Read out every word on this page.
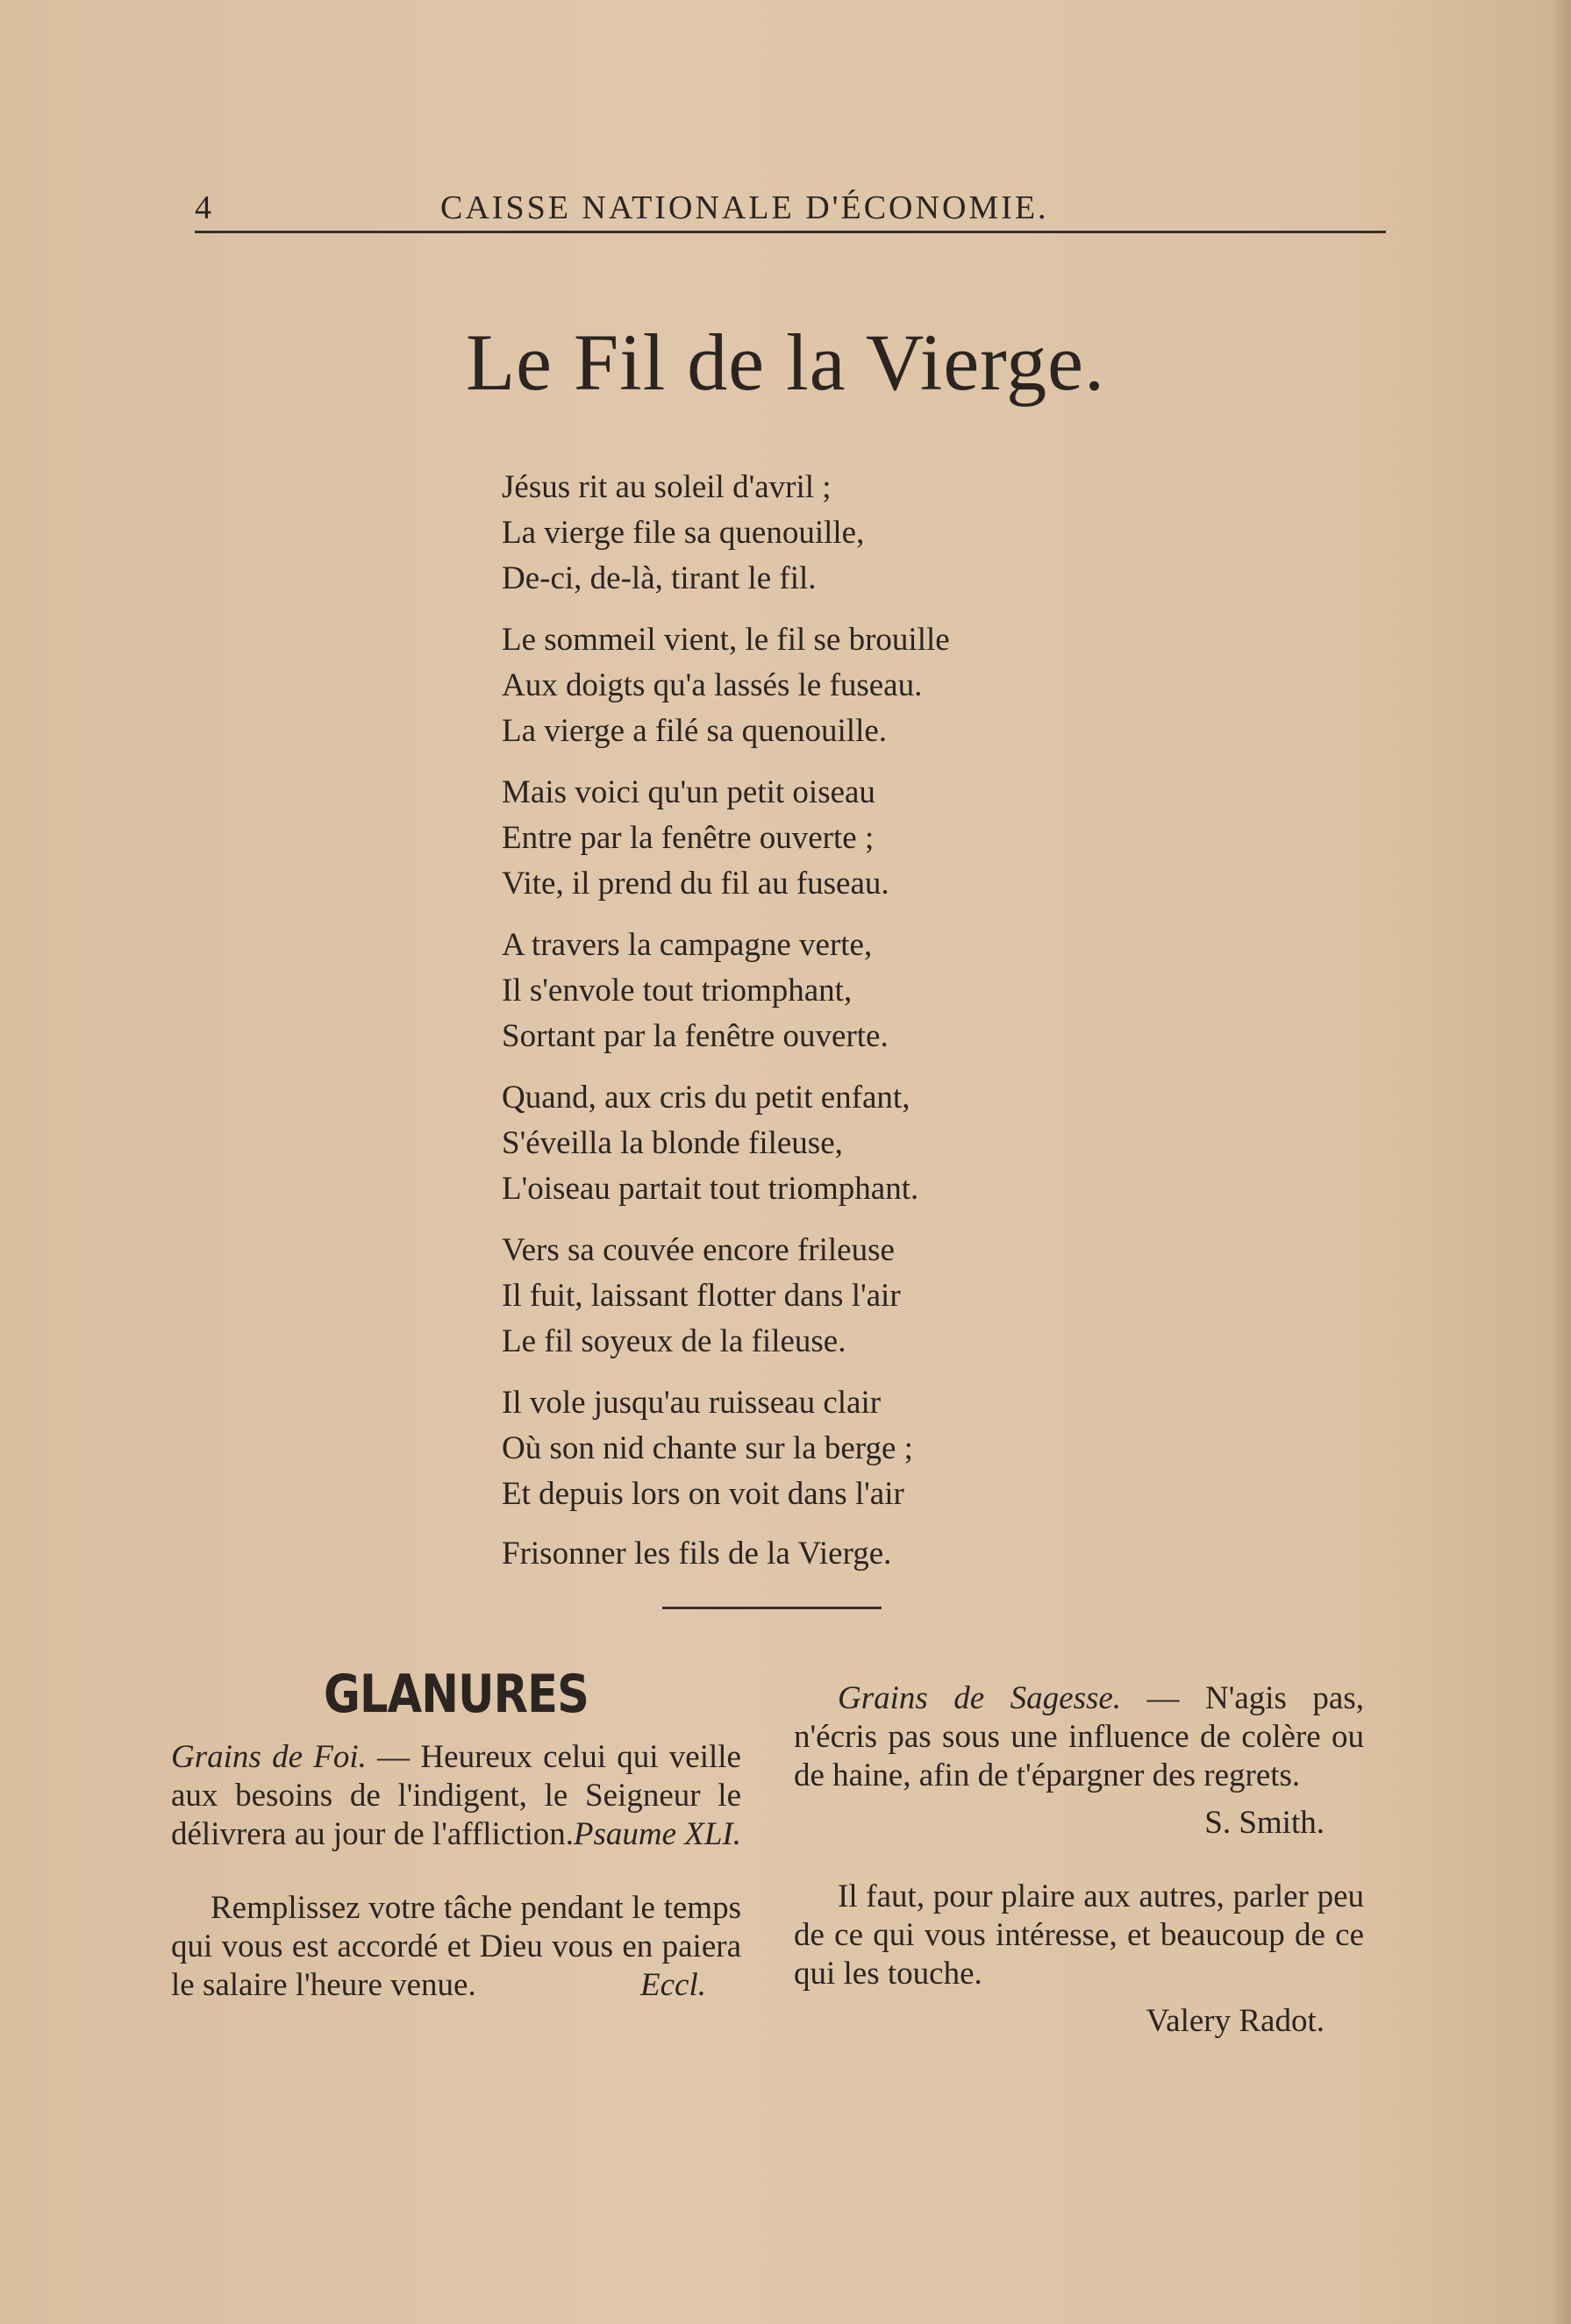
4	CAISSE NATIONALE D'ÉCONOMIE.
Le Fil de la Vierge.
Jésus rit au soleil d'avril ;
La vierge file sa quenouille,
De-ci, de-là, tirant le fil.
Le sommeil vient, le fil se brouille
Aux doigts qu'a lassés le fuseau.
La vierge a filé sa quenouille.
Mais voici qu'un petit oiseau
Entre par la fenêtre ouverte ;
Vite, il prend du fil au fuseau.
A travers la campagne verte,
Il s'envole tout triomphant,
Sortant par la fenêtre ouverte.
Quand, aux cris du petit enfant,
S'éveilla la blonde fileuse,
L'oiseau partait tout triomphant.
Vers sa couvée encore frileuse
Il fuit, laissant flotter dans l'air
Le fil soyeux de la fileuse.
Il vole jusqu'au ruisseau clair
Où son nid chante sur la berge ;
Et depuis lors on voit dans l'air
Frisonner les fils de la Vierge.
GLANURES
Grains de Foi. — Heureux celui qui veille aux besoins de l'indigent, le Seigneur le délivrera au jour de l'affliction. Psaume XLI.
Remplissez votre tâche pendant le temps qui vous est accordé et Dieu vous en paiera le salaire l'heure venue.	Eccl.
Grains de Sagesse. — N'agis pas, n'écris pas sous une influence de colère ou de haine, afin de t'épargner des regrets.
S. Smith.
Il faut, pour plaire aux autres, parler peu de ce qui vous intéresse, et beaucoup de ce qui les touche.
Valery Radot.
